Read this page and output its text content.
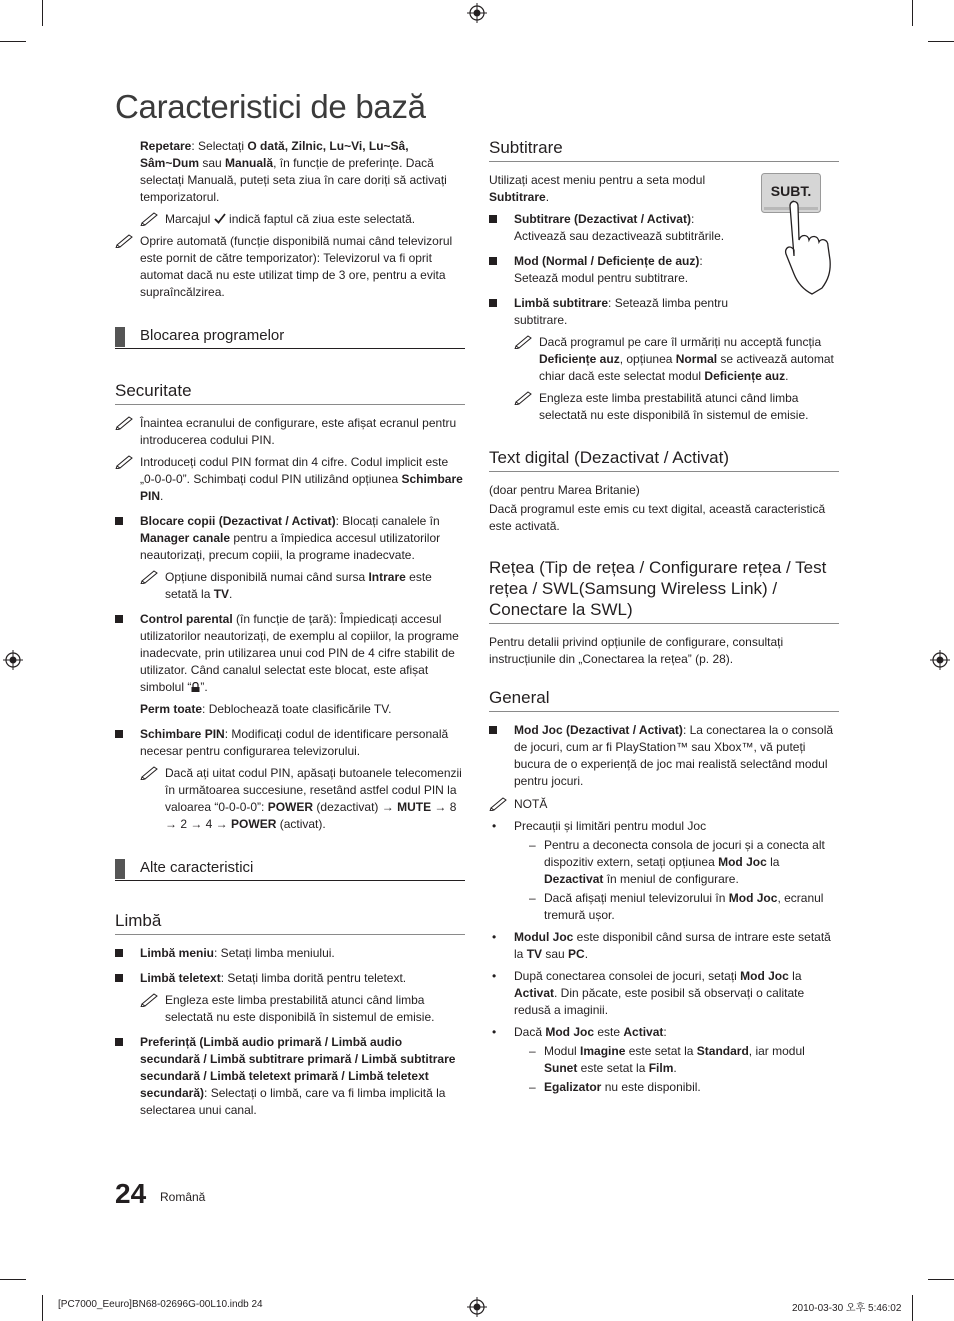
Caracteristici de bază
Repetare: Selectați O dată, Zilnic, Lu~Vi, Lu~Sâ, Sâm~Dum sau Manuală, în funcție de preferințe. Dacă selectați Manuală, puteți seta ziua în care doriți să activați temporizatorul.
Marcajul  indică faptul că ziua este selectată.
Oprire automată (funcție disponibilă numai când televizorul este pornit de către temporizator): Televizorul va fi oprit automat dacă nu este utilizat timp de 3 ore, pentru a evita supraîncălzirea.
Blocarea programelor
Securitate
Înaintea ecranului de configurare, este afișat ecranul pentru introducerea codului PIN.
Introduceți codul PIN format din 4 cifre. Codul implicit este „0-0-0-0”. Schimbați codul PIN utilizând opțiunea Schimbare PIN.
Blocare copii (Dezactivat / Activat): Blocați canalele în Manager canale pentru a împiedica accesul utilizatorilor neautorizați, precum copiii, la programe inadecvate.
Opțiune disponibilă numai când sursa Intrare este setată la TV.
Control parental (în funcție de țară): Împiedicați accesul utilizatorilor neautorizați, de exemplu al copiilor, la programe inadecvate, prin utilizarea unui cod PIN de 4 cifre stabilit de utilizator. Când canalul selectat este blocat, este afișat simbolul “ ”.
Perm toate: Deblochează toate clasificările TV.
Schimbare PIN: Modificați codul de identificare personală necesar pentru configurarea televizorului.
Dacă ați uitat codul PIN, apăsați butoanele telecomenzii în următoarea succesiune, resetând astfel codul PIN la valoarea “0-0-0-0”: POWER (dezactivat) → MUTE → 8 → 2 → 4 → POWER (activat).
Alte caracteristici
Limbă
Limbă meniu: Setați limba meniului.
Limbă teletext: Setați limba dorită pentru teletext.
Engleza este limba prestabilită atunci când limba selectată nu este disponibilă în sistemul de emisie.
Preferință (Limbă audio primară / Limbă audio secundară / Limbă subtitrare primară / Limbă subtitrare secundară / Limbă teletext primară / Limbă teletext secundară): Selectați o limbă, care va fi limba implicită la selectarea unui canal.
Subtitrare
Utilizați acest meniu pentru a seta modul Subtitrare.
Subtitrare (Dezactivat / Activat): Activează sau dezactivează subtitrările.
Mod (Normal / Deficiențe de auz): Setează modul pentru subtitrare.
Limbă subtitrare: Setează limba pentru subtitrare.
Dacă programul pe care îl urmăriți nu acceptă funcția Deficiențe auz, opțiunea Normal se activează automat chiar dacă este selectat modul Deficiențe auz.
Engleza este limba prestabilită atunci când limba selectată nu este disponibilă în sistemul de emisie.
Text digital (Dezactivat / Activat)
(doar pentru Marea Britanie)
Dacă programul este emis cu text digital, această caracteristică este activată.
Rețea (Tip de rețea / Configurare rețea / Test rețea / SWL(Samsung Wireless Link) / Conectare la SWL)
Pentru detalii privind opțiunile de configurare, consultați instrucțiunile din „Conectarea la rețea” (p. 28).
General
Mod Joc (Dezactivat / Activat): La conectarea la o consolă de jocuri, cum ar fi PlayStation™ sau Xbox™, vă puteți bucura de o experiență de joc mai realistă selectând modul pentru jocuri.
NOTĂ
• Precauții și limitări pentru modul Joc
– Pentru a deconecta consola de jocuri și a conecta alt dispozitiv extern, setați opțiunea Mod Joc la Dezactivat în meniul de configurare.
– Dacă afișați meniul televizorului în Mod Joc, ecranul tremură ușor.
• Modul Joc este disponibil când sursa de intrare este setată la TV sau PC.
• După conectarea consolei de jocuri, setați Mod Joc la Activat. Din păcate, este posibil să observați o calitate redusă a imaginii.
• Dacă Mod Joc este Activat:
– Modul Imagine este setat la Standard, iar modul Sunet este setat la Film.
– Egalizator nu este disponibil.
SUBT.
24 Română
[PC7000_Eeuro]BN68-02696G-00L10.indb 24	2010-03-30 오후 5:46:02
